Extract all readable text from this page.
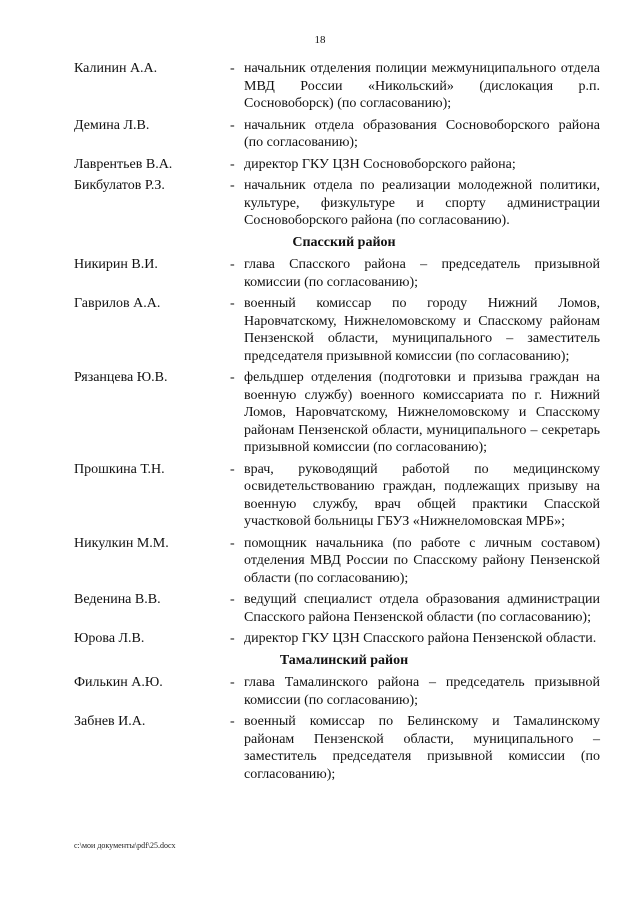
18
Калинин А.А.	- начальник отделения полиции межмуниципального отдела МВД России «Никольский» (дислокация р.п. Сосновоборск) (по согласованию);
Демина Л.В.	- начальник отдела образования Сосновоборского района (по согласованию);
Лаврентьев В.А.	- директор ГКУ ЦЗН Сосновоборского района;
Бикбулатов Р.З.	- начальник отдела по реализации молодежной политики, культуре, физкультуре и спорту администрации Сосновоборского района (по согласованию).
Спасский район
Никирин В.И.	- глава Спасского района – председатель призывной комиссии (по согласованию);
Гаврилов А.А.	- военный комиссар по городу Нижний Ломов, Наровчатскому, Нижнеломовскому и Спасскому районам Пензенской области, муниципального – заместитель председателя призывной комиссии (по согласованию);
Рязанцева Ю.В.	- фельдшер отделения (подготовки и призыва граждан на военную службу) военного комиссариата по г. Нижний Ломов, Наровчатскому, Нижнеломовскому и Спасскому районам Пензенской области, муниципального – секретарь призывной комиссии (по согласованию);
Прошкина Т.Н.	- врач, руководящий работой по медицинскому освидетельствованию граждан, подлежащих призыву на военную службу, врач общей практики Спасской участковой больницы ГБУЗ «Нижнеломовская МРБ»;
Никулкин М.М.	- помощник начальника (по работе с личным составом) отделения МВД России по Спасскому району Пензенской области (по согласованию);
Веденина В.В.	- ведущий специалист отдела образования администрации Спасского района Пензенской области (по согласованию);
Юрова Л.В.	- директор ГКУ ЦЗН Спасского района Пензенской области.
Тамалинский район
Филькин А.Ю.	- глава Тамалинского района – председатель призывной комиссии (по согласованию);
Забнев И.А.	- военный комиссар по Белинскому и Тамалинскому районам Пензенской области, муниципального – заместитель председателя призывной комиссии (по согласованию);
c:\мои документы\pdf\25.docx
